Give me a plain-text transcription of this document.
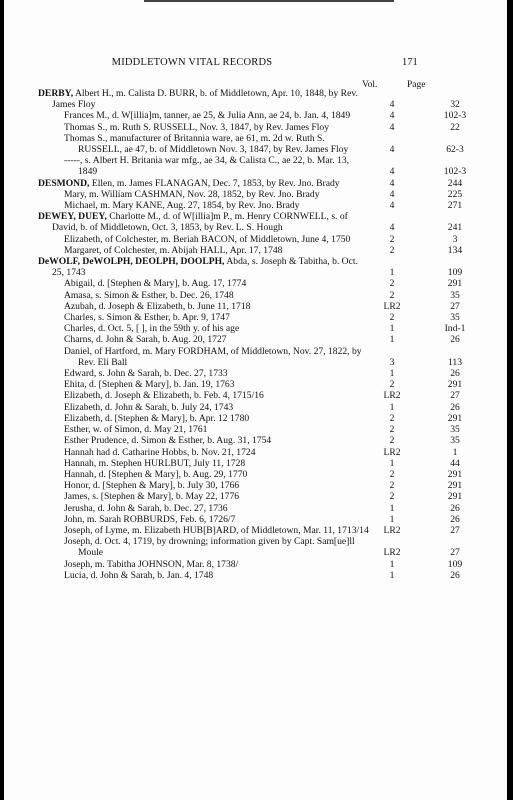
MIDDLETOWN VITAL RECORDS	171
Vol.	Page
DERBY, Albert H., m. Calista D. BURR, b. of Middletown, Apr. 10, 1848, by Rev. James Floy	4	32
Frances M., d. W[illia]m, tanner, ae 25, & Julia Ann, ae 24, b. Jan. 4, 1849	4	102-3
Thomas S., m. Ruth S. RUSSELL, Nov. 3, 1847, by Rev. James Floy	4	22
Thomas S., manufacturer of Britannia ware, ae 61, m. 2d w. Ruth S. RUSSELL, ae 47, b. of Middletown Nov. 3, 1847, by Rev. James Floy	4	62-3
-----, s. Albert H. Britania war mfg., ae 34, & Calista C., ae 22, b. Mar. 13, 1849	4	102-3
DESMOND, Ellen, m. James FLANAGAN, Dec. 7, 1853, by Rev. Jno. Brady	4	244
Mary, m. William CASHMAN, Nov. 28, 1852, by Rev. Jno. Brady	4	225
Michael, m. Mary KANE, Aug. 27, 1854, by Rev. Jno. Brady	4	271
DEWEY, DUEY, Charlotte M., d. of W[illia]m P., m. Henry CORNWELL, s. of David, b. of Middletown, Oct. 3, 1853, by Rev. L. S. Hough	4	241
Elizabeth, of Colchester, m. Beriah BACON, of Middletown, June 4, 1750	2	3
Margaret, of Colchester, m. Abijah HALL, Apr. 17, 1748	2	134
DeWOLF, DeWOLPH, DEOLPH, DOOLPH, Abda, s. Joseph & Tabitha, b. Oct. 25, 1743	1	109
Abigail, d. [Stephen & Mary], b. Aug. 17, 1774	2	291
Amasa, s. Simon & Esther, b. Dec. 26, 1748	2	35
Azubah, d. Joseph & Elizabeth, b. June 11, 1718	LR2	27
Charles, s. Simon & Esther, b. Apr. 9, 1747	2	35
Charles, d. Oct. 5, [ ], in the 59th y. of his age	1	Ind-1
Charns, d. John & Sarah, b. Aug. 20, 1727	1	26
Daniel, of Hartford, m. Mary FORDHAM, of Middletown, Nov. 27, 1822, by Rev. Eli Ball	3	113
Edward, s. John & Sarah, b. Dec. 27, 1733	1	26
Ehita, d. [Stephen & Mary], b. Jan. 19, 1763	2	291
Elizabeth, d. Joseph & Elizabeth, b. Feb. 4, 1715/16	LR2	27
Elizabeth, d. John & Sarah, b. July 24, 1743	1	26
Elizabeth, d. [Stephen & Mary], b. Apr. 12 1780	2	291
Esther, w. of Simon, d. May 21, 1761	2	35
Esther Prudence, d. Simon & Esther, b. Aug. 31, 1754	2	35
Hannah had d. Catharine Hobbs, b. Nov. 21, 1724	LR2	1
Hannah, m. Stephen HURLBUT, July 11, 1728	1	44
Hannah, d. [Stephen & Mary], b. Aug. 29, 1770	2	291
Honor, d. [Stephen & Mary], b. July 30, 1766	2	291
James, s. [Stephen & Mary], b. May 22, 1776	2	291
Jerusha, d. John & Sarah, b. Dec. 27, 1736	1	26
John, m. Sarah ROBBURDS, Feb. 6, 1726/7	1	26
Joseph, of Lyme, m. Elizabeth HUB[B]ARD, of Middletown, Mar. 11, 1713/14	LR2	27
Joseph, d. Oct. 4, 1719, by drowning; information given by Capt. Sam[ue]ll Moule	LR2	27
Joseph, m. Tabitha JOHNSON, Mar. 8, 1738/	1	109
Lucia, d. John & Sarah, b. Jan. 4, 1748	1	26
